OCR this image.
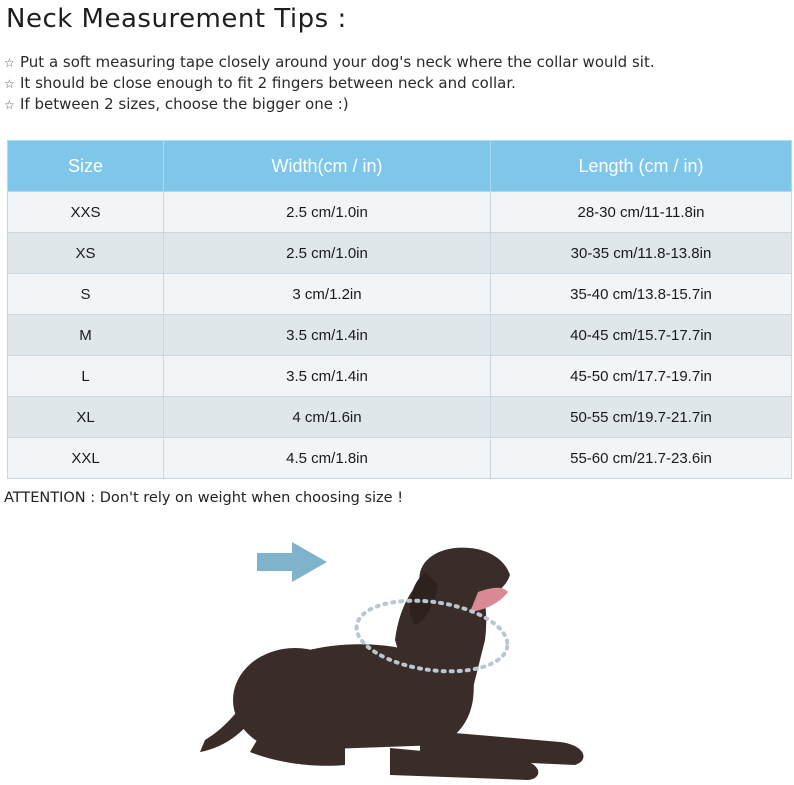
Neck Measurement Tips :
☆ Put a soft measuring tape closely around your dog's neck where the collar would sit.
☆ It should be close enough to fit 2 fingers between neck and collar.
☆ If between 2 sizes, choose the bigger one :)
Size	Width(cm / in)	Length (cm / in)
XXS	2.5 cm/1.0in	28-30 cm/11-11.8in
XS	2.5 cm/1.0in	30-35 cm/11.8-13.8in
S	3 cm/1.2in	35-40 cm/13.8-15.7in
M	3.5 cm/1.4in	40-45 cm/15.7-17.7in
L	3.5 cm/1.4in	45-50 cm/17.7-19.7in
XL	4 cm/1.6in	50-55 cm/19.7-21.7in
XXL	4.5 cm/1.8in	55-60 cm/21.7-23.6in
ATTENTION : Don't rely on weight when choosing size !
